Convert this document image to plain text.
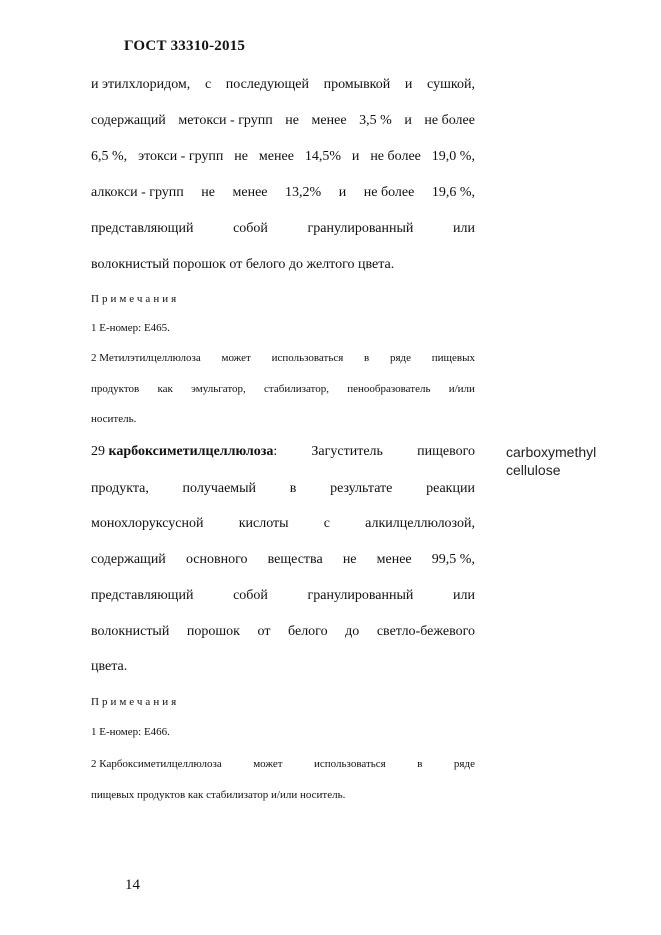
ГОСТ 33310-2015
и этилхлоридом, с последующей промывкой и сушкой,
содержащий метокси - групп не менее 3,5 % и не более
6,5 %, этокси - групп не менее 14,5% и не более 19,0 %,
алкокси - групп не менее 13,2% и не более 19,6 %,
представляющий	собой	гранулированный	или
волокнистый порошок от белого до желтого цвета.
Примечания
1 Е-номер: Е465.
2 Метилэтилцеллюлоза может использоваться в ряде пищевых
продуктов как эмульгатор, стабилизатор, пенообразователь и/или
носитель.
29 карбоксиметилцеллюлоза: Загуститель пищевого
продукта, получаемый в результате реакции
монохлоруксусной	кислоты	с	алкилцеллюлозой,
содержащий основного вещества не менее 99,5 %,
представляющий	собой	гранулированный	или
волокнистый порошок от белого до светло-бежевого
цвета.
Примечания
1 Е-номер: Е466.
2 Карбоксиметилцеллюлоза	может	использоваться	в	ряде
пищевых продуктов как стабилизатор и/или носитель.
carboxymethyl
cellulose
14
